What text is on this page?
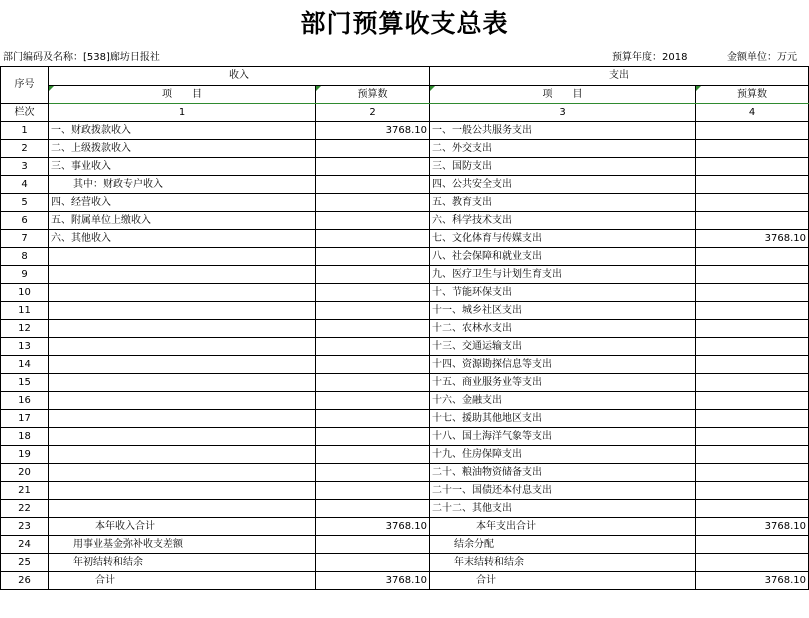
部门预算收支总表
部门编码及名称：[538]廊坊日报社	预算年度：2018	金额单位：万元
序号	收入		支出	
	项　　目	预算数	项　　目	预算数
栏次	1	2	3	4
1	一、财政拨款收入	3768.10	一、一般公共服务支出	
2	二、上级拨款收入		二、外交支出	
3	三、事业收入		三、国防支出	
4	其中：财政专户收入		四、公共安全支出	
5	四、经营收入		五、教育支出	
6	五、附属单位上缴收入		六、科学技术支出	
7	六、其他收入		七、文化体育与传媒支出	3768.10
8			八、社会保障和就业支出	
9			九、医疗卫生与计划生育支出	
10			十、节能环保支出	
11			十一、城乡社区支出	
12			十二、农林水支出	
13			十三、交通运输支出	
14			十四、资源勘探信息等支出	
15			十五、商业服务业等支出	
16			十六、金融支出	
17			十七、援助其他地区支出	
18			十八、国土海洋气象等支出	
19			十九、住房保障支出	
20			二十、粮油物资储备支出	
21			二十一、国债还本付息支出	
22			二十二、其他支出	
23	本年收入合计	3768.10	本年支出合计	3768.10
24	用事业基金弥补收支差额		结余分配	
25	年初结转和结余		年末结转和结余	
26	合计	3768.10	合计	3768.10
